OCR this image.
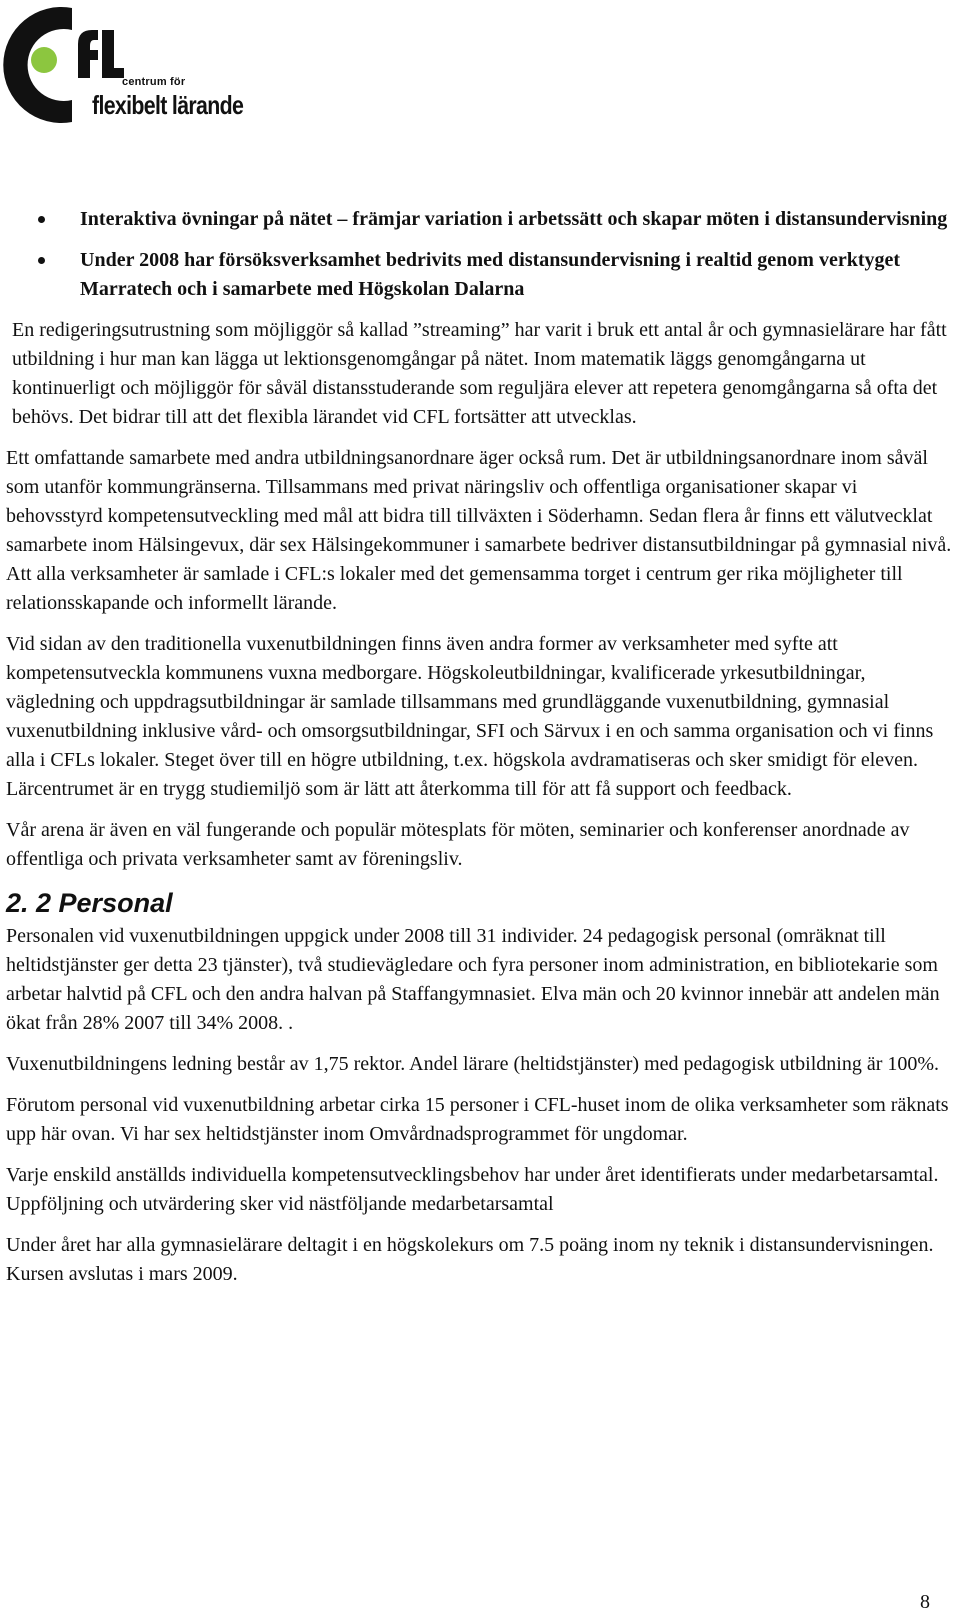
centrum för
flexibelt lärande
Interaktiva övningar på nätet – främjar variation i arbetssätt och skapar möten i distansundervisning
Under 2008 har försöksverksamhet bedrivits med distansundervisning i realtid genom verktyget Marratech och i samarbete med Högskolan Dalarna

En redigeringsutrustning som möjliggör så kallad ”streaming” har varit i bruk ett antal år och gymnasielärare har fått utbildning i hur man kan lägga ut lektionsgenomgångar på nätet. Inom matematik läggs genomgångarna ut kontinuerligt och möjliggör för såväl distansstuderande som reguljära elever att repetera genomgångarna så ofta det behövs. Det bidrar till att det flexibla lärandet vid CFL fortsätter att utvecklas.

Ett omfattande samarbete med andra utbildningsanordnare äger också rum. Det är utbildningsanordnare inom såväl som utanför kommungränserna. Tillsammans med privat näringsliv och offentliga organisationer skapar vi behovsstyrd kompetensutveckling med mål att bidra till tillväxten i Söderhamn. Sedan flera år finns ett välutvecklat samarbete inom Hälsingevux, där sex Hälsingekommuner i samarbete bedriver distansutbildningar på gymnasial nivå. Att alla verksamheter är samlade i CFL:s lokaler med det gemensamma torget i centrum ger rika möjligheter till relationsskapande och informellt lärande.

Vid sidan av den traditionella vuxenutbildningen finns även andra former av verksamheter med syfte att kompetensutveckla kommunens vuxna medborgare. Högskoleutbildningar, kvalificerade yrkesutbildningar, vägledning och uppdragsutbildningar är samlade tillsammans med grundläggande vuxenutbildning, gymnasial vuxenutbildning inklusive vård- och omsorgsutbildningar, SFI och Särvux i en och samma organisation och vi finns alla i CFLs lokaler. Steget över till en högre utbildning, t.ex. högskola avdramatiseras och sker smidigt för eleven. Lärcentrumet är en trygg studiemiljö som är lätt att återkomma till för att få support och feedback.

Vår arena är även en väl fungerande och populär mötesplats för möten, seminarier och konferenser anordnade av offentliga och privata verksamheter samt av föreningsliv.

2. 2 Personal

Personalen vid vuxenutbildningen uppgick under 2008 till 31 individer. 24 pedagogisk personal (omräknat till heltidstjänster ger detta 23 tjänster), två studievägledare och fyra personer inom administration, en bibliotekarie som arbetar halvtid på CFL och den andra halvan på Staffangymnasiet. Elva män och 20 kvinnor innebär att andelen män ökat från 28% 2007 till 34% 2008. .

Vuxenutbildningens ledning består av 1,75 rektor. Andel lärare (heltidstjänster) med pedagogisk utbildning är 100%.

Förutom personal vid vuxenutbildning arbetar cirka 15 personer i CFL-huset inom de olika verksamheter som räknats upp här ovan. Vi har sex heltidstjänster inom Omvårdnadsprogrammet för ungdomar.

Varje enskild anställds individuella kompetensutvecklingsbehov har under året identifierats under medarbetarsamtal. Uppföljning och utvärdering sker vid nästföljande medarbetarsamtal

Under året har alla gymnasielärare deltagit i en högskolekurs om 7.5 poäng inom ny teknik i distansundervisningen. Kursen avslutas i mars 2009.

8
